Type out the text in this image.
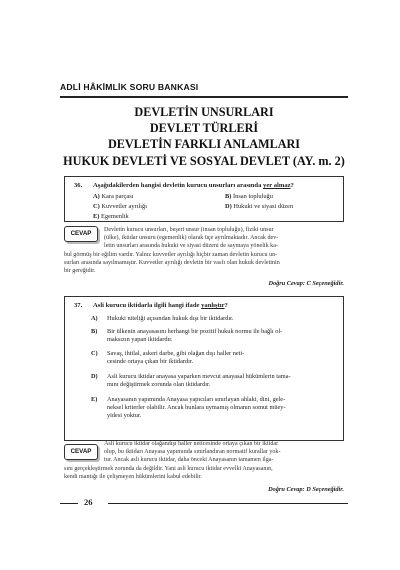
ADLİ HÂKİMLİK SORU BANKASI
DEVLETİN UNSURLARI
DEVLET TÜRLERİ
DEVLETİN FARKLI ANLAMLARI
HUKUK DEVLETİ VE SOSYAL DEVLET (AY. m. 2)
36. Aşağıdakilerden hangisi devletin kurucu unsurları arasında yer almaz?
A) Kara parçası	B) İnsan topluluğu
C) Kuvvetler ayrılığı	D) Hukuki ve siyasi düzen
E) Egemenlik
CEVAP	Devletin kurucu unsurları, beşeri unsur (insan topluluğu), fiziki unsur
(ülke), iktidar unsuru (egemenlik) olarak üçe ayrılmaktadır. Ancak dev-
letin unsurları arasında hukuki ve siyasi düzeni de saymaya yönelik ka-
bul görmüş bir eğilim vardır. Yalnız kuvvetler ayrılığı hiçbir zaman devletin kurucu un-
surları arasında sayılmamıştır. Kuvvetler ayrılığı devletin bir vasfı olan hukuk devletinin
bir gereğidir.
Doğru Cevap: C Seçeneğidir.
37. Asli kurucu iktidarla ilgili hangi ifade yanlıştır?
A) Hukuki niteliği açısından hukuk dışı bir iktidardır.
B) Bir ülkenin anayasasını herhangi bir pozitif hukuk normu ile bağlı ol-
maksızın yapan iktidardır.
C) Savaş, ihtilal, askeri darbe, gibi olağan dışı haller neti-
cesinde ortaya çıkan bir iktidardır.
D) Asli kurucu iktidar anayasa yaparken mevcut anayasal hükümlerin tama-
mını değiştirmek zorunda olan iktidardır.
E) Anayasanın yapımında Anayasa yapıcıları sınırlayan ahlaki, dini, gele-
neksel kriterler olabilir. Ancak bunlara uymamış olmanın somut müey-
yidesi yoktur.
CEVAP
Asli kurucu iktidar olağandışı haller neticesinde ortaya çıkan bir iktidar
olup, bu iktidarı Anayasa yapımında sınırlandıran normatif kurallar yok-
tur. Ancak asli kurucu iktidar, daha önceki Anayasanın tamamen ilga-
sını gerçekleştirmek zorunda da değildir. Yani asli kurucu iktidar evvelki Anayasanın,
kendi mantığı ile çelişmeyen hükümlerini kabul edebilir.
Doğru Cevap: D Seçeneğidir.
26
